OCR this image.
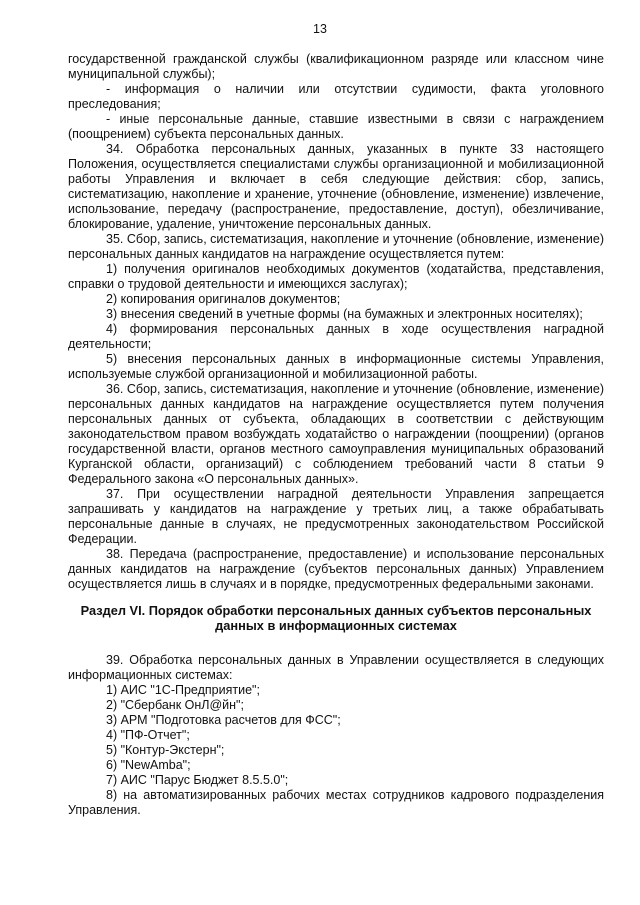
13

государственной гражданской службы (квалификационном разряде или классном чине муниципальной службы);

- информация о наличии или отсутствии судимости, факта уголовного преследования;

- иные персональные данные, ставшие известными в связи с награждением (поощрением) субъекта персональных данных.

34. Обработка персональных данных, указанных в пункте 33 настоящего Положения, осуществляется специалистами службы организационной и мобилизационной работы Управления и включает в себя следующие действия: сбор, запись, систематизацию, накопление и хранение, уточнение (обновление, изменение) извлечение, использование, передачу (распространение, предоставление, доступ), обезличивание, блокирование, удаление, уничтожение персональных данных.

35. Сбор, запись, систематизация, накопление и уточнение (обновление, изменение) персональных данных кандидатов на награждение осуществляется путем:

1) получения оригиналов необходимых документов (ходатайства, представления, справки о трудовой деятельности и имеющихся заслугах);

2) копирования оригиналов документов;

3) внесения сведений в учетные формы (на бумажных и электронных носителях);

4) формирования персональных данных в ходе осуществления наградной деятельности;

5) внесения персональных данных в информационные системы Управления, используемые службой организационной и мобилизационной работы.

36. Сбор, запись, систематизация, накопление и уточнение (обновление, изменение) персональных данных кандидатов на награждение осуществляется путем получения персональных данных от субъекта, обладающих в соответствии с действующим законодательством правом возбуждать ходатайство о награждении (поощрении) (органов государственной власти, органов местного самоуправления муниципальных образований Курганской области, организаций) с соблюдением требований части 8 статьи 9 Федерального закона «О персональных данных».

37. При осуществлении наградной деятельности Управления запрещается запрашивать у кандидатов на награждение у третьих лиц, а также обрабатывать персональные данные в случаях, не предусмотренных законодательством Российской Федерации.

38. Передача (распространение, предоставление) и использование персональных данных кандидатов на награждение (субъектов персональных данных) Управлением осуществляется лишь в случаях и в порядке, предусмотренных федеральными законами.

Раздел VI. Порядок обработки персональных данных субъектов персональных данных в информационных системах

39. Обработка персональных данных в Управлении осуществляется в следующих информационных системах:

1) АИС "1С-Предприятие";

2) "Сбербанк ОнЛ@йн";

3) АРМ "Подготовка расчетов для ФСС";

4) "ПФ-Отчет";

5) "Контур-Экстерн";

6) "NewAmba";

7) АИС "Парус Бюджет 8.5.5.0";

8) на автоматизированных рабочих местах сотрудников кадрового подразделения Управления.
